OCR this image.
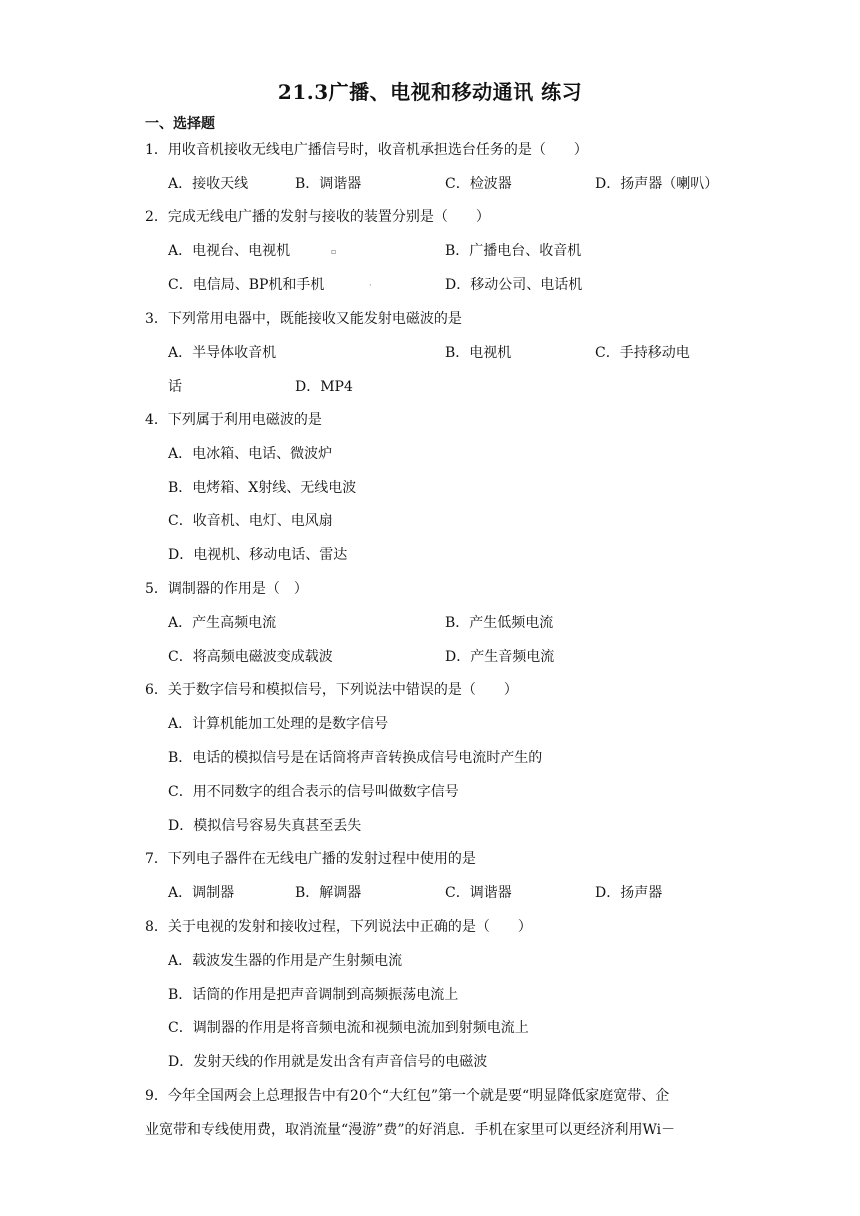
21.3广播、电视和移动通讯 练习
一、选择题
1．用收音机接收无线电广播信号时，收音机承担选台任务的是（　　）
A．接收天线	B．调谐器	C．检波器	D．扬声器（喇叭）
2．完成无线电广播的发射与接收的装置分别是（　　）
A．电视台、电视机	▫	B．广播电台、收音机
C．电信局、BP机和手机	·	D．移动公司、电话机
3．下列常用电器中，既能接收又能发射电磁波的是
A．半导体收音机	B．电视机	C．手持移动电
话	D．MP4
4．下列属于利用电磁波的是
A．电冰箱、电话、微波炉
B．电烤箱、X射线、无线电波
C．收音机、电灯、电风扇
D．电视机、移动电话、雷达
5．调制器的作用是（　）
A．产生高频电流	B．产生低频电流
C．将高频电磁波变成载波	D．产生音频电流
6．关于数字信号和模拟信号，下列说法中错误的是（　　）
A．计算机能加工处理的是数字信号
B．电话的模拟信号是在话筒将声音转换成信号电流时产生的
C．用不同数字的组合表示的信号叫做数字信号
D．模拟信号容易失真甚至丢失
7．下列电子器件在无线电广播的发射过程中使用的是
A．调制器	B．解调器	C．调谐器	D．扬声器
8．关于电视的发射和接收过程，下列说法中正确的是（　　）
A．载波发生器的作用是产生射频电流
B．话筒的作用是把声音调制到高频振荡电流上
C．调制器的作用是将音频电流和视频电流加到射频电流上
D．发射天线的作用就是发出含有声音信号的电磁波
9．今年全国两会上总理报告中有20个“大红包”第一个就是要“明显降低家庭宽带、企
业宽带和专线使用费，取消流量“漫游”费”的好消息．手机在家里可以更经济利用Wi－
